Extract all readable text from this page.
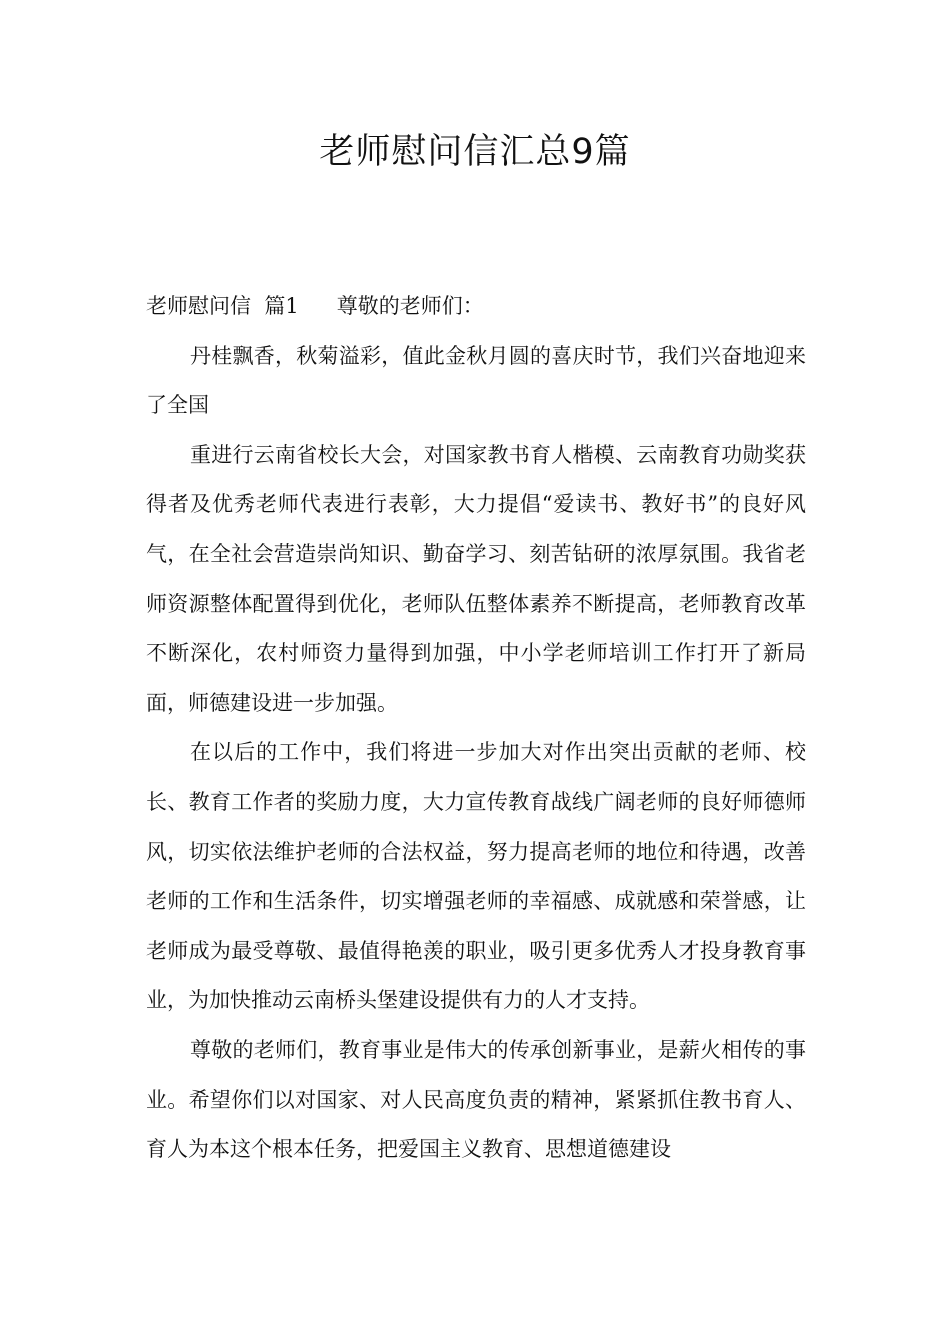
老师慰问信汇总9篇

老师慰问信  篇1 尊敬的老师们：

丹桂飘香，秋菊溢彩，值此金秋月圆的喜庆时节，我们兴奋地迎来了全国

重进行云南省校长大会，对国家教书育人楷模、云南教育功勋奖获得者及优秀老师代表进行表彰，大力提倡“爱读书、教好书”的良好风气，在全社会营造崇尚知识、勤奋学习、刻苦钻研的浓厚氛围。我省老师资源整体配置得到优化，老师队伍整体素养不断提高，老师教育改革不断深化，农村师资力量得到加强，中小学老师培训工作打开了新局面，师德建设进一步加强。

在以后的工作中，我们将进一步加大对作出突出贡献的老师、校长、教育工作者的奖励力度，大力宣传教育战线广阔老师的良好师德师风，切实依法维护老师的合法权益，努力提高老师的地位和待遇，改善老师的工作和生活条件，切实增强老师的幸福感、成就感和荣誉感，让老师成为最受尊敬、最值得艳羡的职业，吸引更多优秀人才投身教育事业，为加快推动云南桥头堡建设提供有力的人才支持。

尊敬的老师们，教育事业是伟大的传承创新事业，是薪火相传的事业。希望你们以对国家、对人民高度负责的精神，紧紧抓住教书育人、育人为本这个根本任务，把爱国主义教育、思想道德建设
